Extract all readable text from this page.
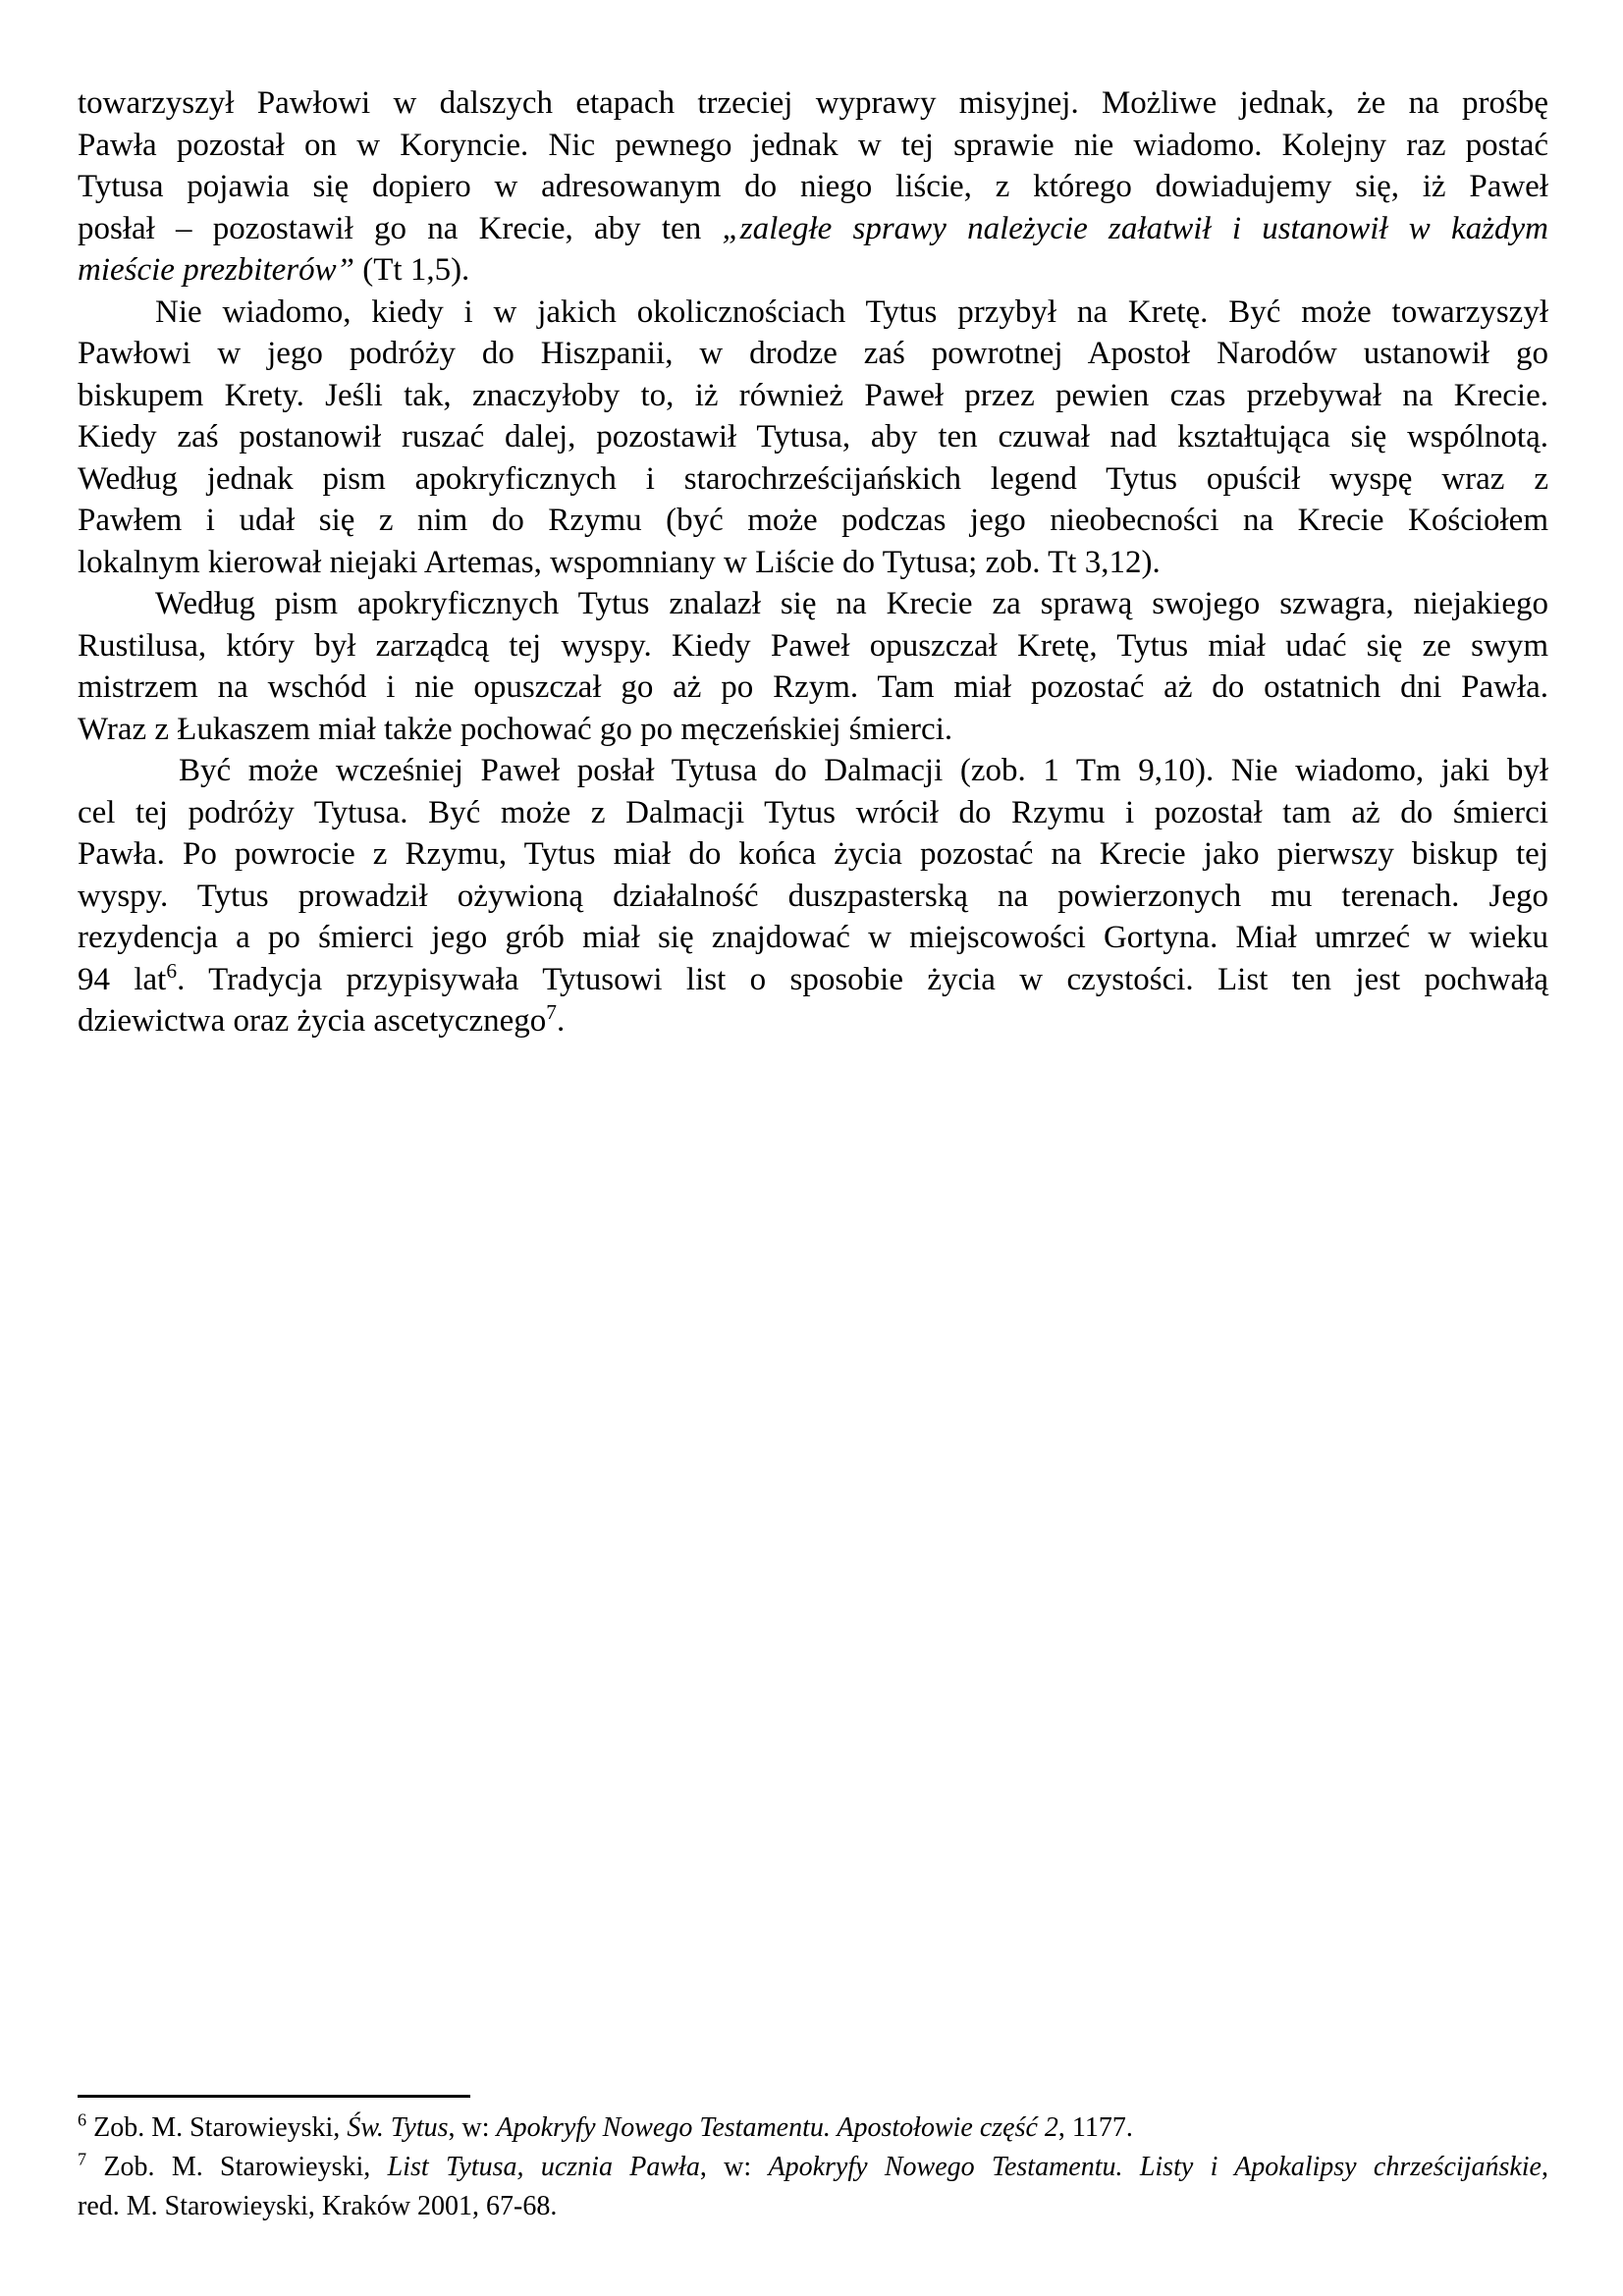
towarzyszył Pawłowi w dalszych etapach trzeciej wyprawy misyjnej. Możliwe jednak, że na prośbę
Pawła pozostał on w Koryncie. Nic pewnego jednak w tej sprawie nie wiadomo. Kolejny raz postać
Tytusa pojawia się dopiero w adresowanym do niego liście, z którego dowiadujemy się, iż Paweł
posłał – pozostawił go na Krecie, aby ten „zaległe sprawy należycie załatwił i ustanowił w każdym
mieście prezbiterów” (Tt 1,5).
Nie wiadomo, kiedy i w jakich okolicznościach Tytus przybył na Kretę. Być może towarzyszył
Pawłowi w jego podróży do Hiszpanii, w drodze zaś powrotnej Apostoł Narodów ustanowił go
biskupem Krety. Jeśli tak, znaczyłoby to, iż również Paweł przez pewien czas przebywał na Krecie.
Kiedy zaś postanowił ruszać dalej, pozostawił Tytusa, aby ten czuwał nad kształtująca się wspólnotą.
Według jednak pism apokryficznych i starochrześcijańskich legend Tytus opuścił wyspę wraz z
Pawłem i udał się z nim do Rzymu (być może podczas jego nieobecności na Krecie Kościołem
lokalnym kierował niejaki Artemas, wspomniany w Liście do Tytusa; zob. Tt 3,12).
Według pism apokryficznych Tytus znalazł się na Krecie za sprawą swojego szwagra, niejakiego
Rustilusa, który był zarządcą tej wyspy. Kiedy Paweł opuszczał Kretę, Tytus miał udać się ze swym
mistrzem na wschód i nie opuszczał go aż po Rzym. Tam miał pozostać aż do ostatnich dni Pawła.
Wraz z Łukaszem miał także pochować go po męczeńskiej śmierci.
Być może wcześniej Paweł posłał Tytusa do Dalmacji (zob. 1 Tm 9,10). Nie wiadomo, jaki był
cel tej podróży Tytusa. Być może z Dalmacji Tytus wrócił do Rzymu i pozostał tam aż do śmierci
Pawła. Po powrocie z Rzymu, Tytus miał do końca życia pozostać na Krecie jako pierwszy biskup tej
wyspy. Tytus prowadził ożywioną działalność duszpasterską na powierzonych mu terenach. Jego
rezydencja a po śmierci jego grób miał się znajdować w miejscowości Gortyna. Miał umrzeć w wieku
94 lat$^6$. Tradycja przypisywała Tytusowi list o sposobie życia w czystości. List ten jest pochwałą
dziewictwa oraz życia ascetycznego$^7$.
$^6$ Zob. M. Starowieyski, Św. Tytus, w: Apokryfy Nowego Testamentu. Apostołowie część 2, 1177.
$^7$ Zob. M. Starowieyski, List Tytusa, ucznia Pawła, w: Apokryfy Nowego Testamentu. Listy i Apokalipsy chrześcijańskie,
red. M. Starowieyski, Kraków 2001, 67-68.
